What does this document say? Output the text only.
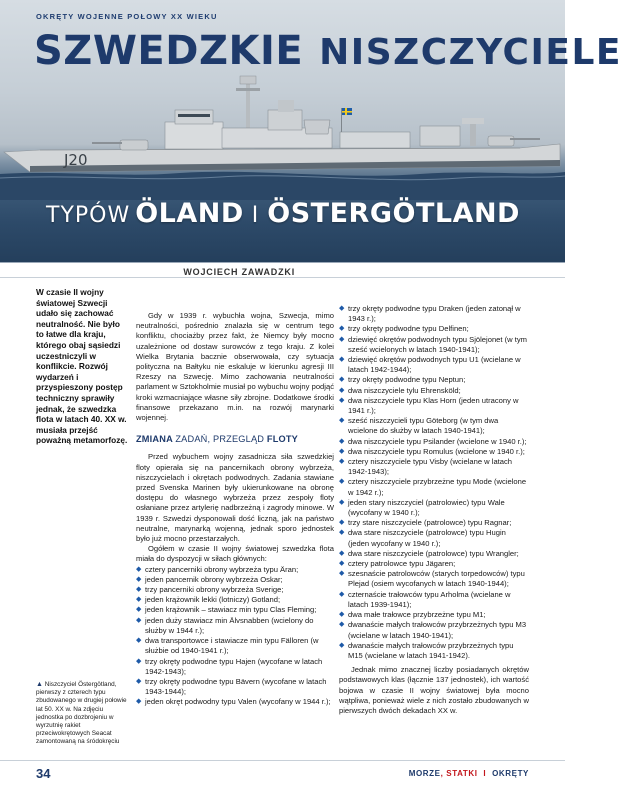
OKRĘTY WOJENNE POŁOWY XX WIEKU
SZWEDZKIE NISZCZYCIELE
J20
TYPÓW ÖLAND I ÖSTERGÖTLAND
WOJCIECH ZAWADZKI

W czasie II wojny światowej Szwecji udało się zachować neutralność. Nie było to łatwe dla kraju, którego obaj sąsiedzi uczestniczyli w konflikcie. Rozwój wydarzeń i przyspieszony postęp techniczny sprawiły jednak, że szwedzka flota w latach 40. XX w. musiała przejść poważną metamorfozę.

▲ Niszczyciel Östergötland, pierwszy z czterech typu zbudowanego w drugiej połowie lat 50. XX w. Na zdjęciu jednostka po dozbrojeniu w wyrzutnię rakiet przeciwokrętowych Seacat zamontowaną na śródokręciu

Gdy w 1939 r. wybuchła wojna, Szwecja, mimo neutralności, pośrednio znalazła się w centrum tego konfliktu, chociażby przez fakt, że Niemcy były mocno uzależnione od dostaw surowców z tego kraju. Z kolei Wielka Brytania bacznie obserwowała, czy sytuacja polityczna na Bałtyku nie eskaluje w kierunku agresji III Rzeszy na Szwecję. Mimo zachowania neutralności parlament w Sztokholmie musiał po wybuchu wojny podjąć kroki wzmacniające własne siły zbrojne. Dodatkowe środki finansowe przekazano m.in. na rozwój marynarki wojennej.

ZMIANA ZADAŃ, PRZEGLĄD FLOTY

Przed wybuchem wojny zasadnicza siła szwedzkiej floty opierała się na pancernikach obrony wybrzeża, niszczycielach i okrętach podwodnych. Zadania stawiane przed Svenska Marinen były ukierunkowane na obronę dostępu do własnego wybrzeża przez zespoły floty osłaniane przez artylerię nadbrzeżną i zagrody minowe. W 1939 r. Szwedzi dysponowali dość liczną, jak na państwo neutralne, marynarką wojenną, jednak sporo jednostek było już mocno przestarzałych.

Ogółem w czasie II wojny światowej szwedzka flota miała do dyspozycji w siłach głównych:

◆ cztery pancerniki obrony wybrzeża typu Äran;
◆ jeden pancernik obrony wybrzeża Oskar;
◆ trzy pancerniki obrony wybrzeża Sverige;
◆ jeden krążownik lekki (lotniczy) Gotland;
◆ jeden krążownik – stawiacz min typu Clas Fleming;
◆ jeden duży stawiacz min Älvsnabben (wcielony do służby w 1944 r.);
◆ dwa transportowce i stawiacze min typu Fälloren (w służbie od 1940-1941 r.);
◆ trzy okręty podwodne typu Hajen (wycofane w latach 1942-1943);
◆ trzy okręty podwodne typu Bävern (wycofane w latach 1943-1944);
◆ jeden okręt podwodny typu Valen (wycofany w 1944 r.);
◆ trzy okręty podwodne typu Draken (jeden zatonął w 1943 r.);
◆ trzy okręty podwodne typu Delfinen;
◆ dziewięć okrętów podwodnych typu Sjölejonet (w tym sześć wcielonych w latach 1940-1941);
◆ dziewięć okrętów podwodnych typu U1 (wcielane w latach 1942-1944);
◆ trzy okręty podwodne typu Neptun;
◆ dwa niszczyciele tylu Ehrensköld;
◆ dwa niszczyciele typu Klas Horn (jeden utracony w 1941 r.);
◆ sześć niszczycieli typu Göteborg (w tym dwa wcielone do służby w latach 1940-1941);
◆ dwa niszczyciele typu Psilander (wcielone w 1940 r.);
◆ dwa niszczyciele typu Romulus (wcielone w 1940 r.);
◆ cztery niszczyciele typu Visby (wcielane w latach 1942-1943);
◆ cztery niszczyciele przybrzeżne typu Mode (wcielone w 1942 r.);
◆ jeden stary niszczyciel (patrolowiec) typu Wale (wycofany w 1940 r.);
◆ trzy stare niszczyciele (patrolowce) typu Ragnar;
◆ dwa stare niszczyciele (patrolowce) typu Hugin (jeden wycofany w 1940 r.);
◆ dwa stare niszczyciele (patrolowce) typu Wrangler;
◆ cztery patrolowce typu Jägaren;
◆ szesnaście patrolowców (starych torpedowców) typu Plejad (osiem wycofanych w latach 1940-1944);
◆ czternaście trałowców typu Arholma (wcielane w latach 1939-1941);
◆ dwa małe trałowce przybrzeżne typu M1;
◆ dwanaście małych trałowców przybrzeżnych typu M3 (wcielane w latach 1940-1941);
◆ dwanaście małych trałowców przybrzeżnych typu M15 (wcielane w latach 1941-1942).

Jednak mimo znacznej liczby posiadanych okrętów podstawowych klas (łącznie 137 jednostek), ich wartość bojowa w czasie II wojny światowej była mocno wątpliwa, ponieważ wiele z nich zostało zbudowanych w pierwszych dwóch dekadach XX w.

34	MORZE, STATKI I OKRĘTY
